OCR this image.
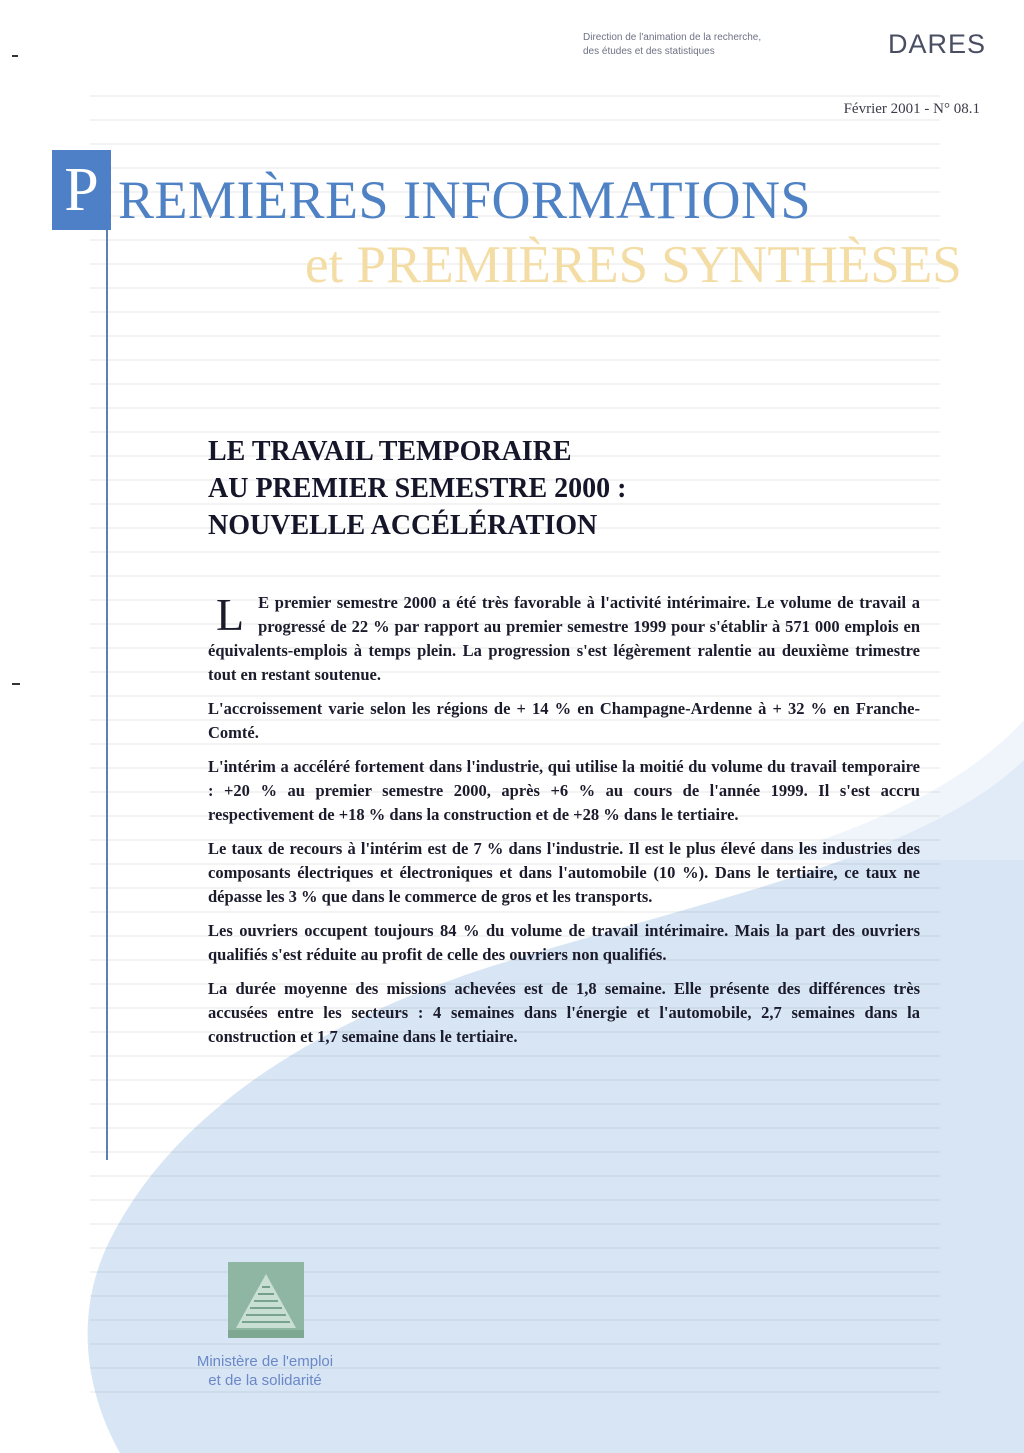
Direction de l'animation de la recherche,
des études et des statistiques	DARES
Février 2001 - N° 08.1
P REMIÈRES INFORMATIONS
et PREMIÈRES SYNTHÈSES
LE TRAVAIL TEMPORAIRE
AU PREMIER SEMESTRE 2000 :
NOUVELLE ACCÉLÉRATION

L E premier semestre 2000 a été très favorable à l'activité intérimaire. Le volume de travail a progressé de 22 % par rapport au premier semestre 1999 pour s'établir à 571 000 emplois en équivalents-emplois à temps plein. La progression s'est légèrement ralentie au deuxième trimestre tout en restant soutenue.

L'accroissement varie selon les régions de + 14 % en Champagne-Ardenne à + 32 % en Franche-Comté.

L'intérim a accéléré fortement dans l'industrie, qui utilise la moitié du volume du travail temporaire : +20 % au premier semestre 2000, après +6 % au cours de l'année 1999. Il s'est accru respectivement de +18 % dans la construction et de +28 % dans le tertiaire.

Le taux de recours à l'intérim est de 7 % dans l'industrie. Il est le plus élevé dans les industries des composants électriques et électroniques et dans l'automobile (10 %). Dans le tertiaire, ce taux ne dépasse les 3 % que dans le commerce de gros et les transports.

Les ouvriers occupent toujours 84 % du volume de travail intérimaire. Mais la part des ouvriers qualifiés s'est réduite au profit de celle des ouvriers non qualifiés.

La durée moyenne des missions achevées est de 1,8 semaine. Elle présente des différences très accusées entre les secteurs : 4 semaines dans l'énergie et l'automobile, 2,7 semaines dans la construction et 1,7 semaine dans le tertiaire.

Ministère de l'emploi
et de la solidarité
